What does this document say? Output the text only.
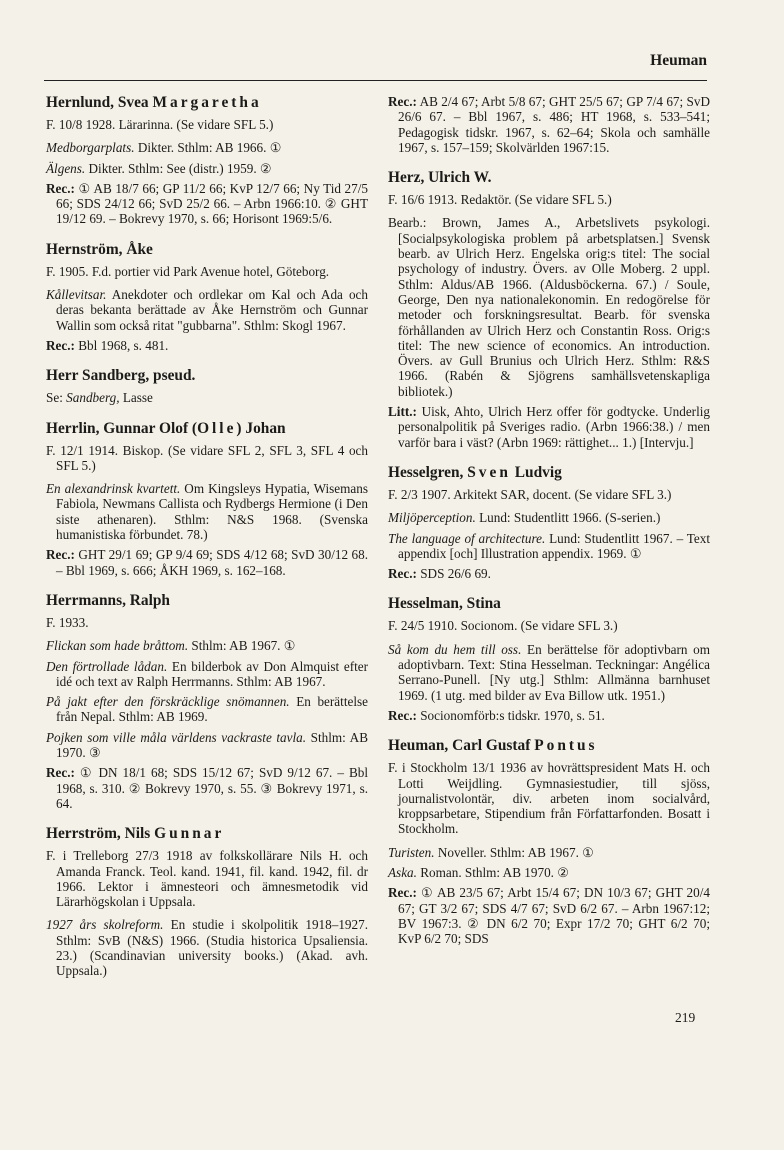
Heuman
Hernlund, Svea Margaretha
F. 10/8 1928. Lärarinna. (Se vidare SFL 5.)
Medborgarplats. Dikter. Sthlm: AB 1966. ①
Älgens. Dikter. Sthlm: See (distr.) 1959. ②
Rec.: ① AB 18/7 66; GP 11/2 66; KvP 12/7 66; Ny Tid 27/5 66; SDS 24/12 66; SvD 25/2 66. – Arbn 1966:10. ② GHT 19/12 69. – Bokrevy 1970, s. 66; Horisont 1969:5/6.
Hernström, Åke
F. 1905. F.d. portier vid Park Avenue hotel, Göteborg.
Kållevitsar. Anekdoter och ordlekar om Kal och Ada och deras bekanta berättade av Åke Hernström och Gunnar Wallin som också ritat "gubbarna". Sthlm: Skogl 1967.
Rec.: Bbl 1968, s. 481.
Herr Sandberg, pseud.
Se: Sandberg, Lasse
Herrlin, Gunnar Olof (Olle) Johan
F. 12/1 1914. Biskop. (Se vidare SFL 2, SFL 3, SFL 4 och SFL 5.)
En alexandrinsk kvartett. Om Kingsleys Hypatia, Wisemans Fabiola, Newmans Callista och Rydbergs Hermione (i Den siste athenaren). Sthlm: N&S 1968. (Svenska humanistiska förbundet. 78.)
Rec.: GHT 29/1 69; GP 9/4 69; SDS 4/12 68; SvD 30/12 68. – Bbl 1969, s. 666; ÅKH 1969, s. 162–168.
Herrmanns, Ralph
F. 1933.
Flickan som hade bråttom. Sthlm: AB 1967. ①
Den förtrollade lådan. En bilderbok av Don Almquist efter idé och text av Ralph Herrmanns. Sthlm: AB 1967.
På jakt efter den förskräcklige snömannen. En berättelse från Nepal. Sthlm: AB 1969.
Pojken som ville måla världens vackraste tavla. Sthlm: AB 1970. ③
Rec.: ① DN 18/1 68; SDS 15/12 67; SvD 9/12 67. – Bbl 1968, s. 310. ② Bokrevy 1970, s. 55. ③ Bokrevy 1971, s. 64.
Herrström, Nils Gunnar
F. i Trelleborg 27/3 1918 av folkskollärare Nils H. och Amanda Franck. Teol. kand. 1941, fil. kand. 1942, fil. dr 1966. Lektor i ämnesteori och ämnesmetodik vid Lärarhögskolan i Uppsala.
1927 års skolreform. En studie i skolpolitik 1918–1927. Sthlm: SvB (N&S) 1966. (Studia historica Upsaliensia. 23.) (Scandinavian university books.) (Akad. avh. Uppsala.)
Rec.: AB 2/4 67; Arbt 5/8 67; GHT 25/5 67; GP 7/4 67; SvD 26/6 67. – Bbl 1967, s. 486; HT 1968, s. 533–541; Pedagogisk tidskr. 1967, s. 62–64; Skola och samhälle 1967, s. 157–159; Skolvärlden 1967:15.
Herz, Ulrich W.
F. 16/6 1913. Redaktör. (Se vidare SFL 5.)
Bearb.: Brown, James A., Arbetslivets psykologi. [Socialpsykologiska problem på arbetsplatsen.] Svensk bearb. av Ulrich Herz. Engelska orig:s titel: The social psychology of industry. Övers. av Olle Moberg. 2 uppl. Sthlm: Aldus/AB 1966. (Aldusböckerna. 67.) / Soule, George, Den nya nationalekonomin. En redogörelse för metoder och forskningsresultat. Bearb. för svenska förhållanden av Ulrich Herz och Constantin Ross. Orig:s titel: The new science of economics. An introduction. Övers. av Gull Brunius och Ulrich Herz. Sthlm: R&S 1966. (Rabén & Sjögrens samhällsvetenskapliga bibliotek.)
Litt.: Uisk, Ahto, Ulrich Herz offer för godtycke. Underlig personalpolitik på Sveriges radio. (Arbn 1966:38.) / men varför bara i väst? (Arbn 1969: rättighet... 1.) [Intervju.]
Hesselgren, Sven Ludvig
F. 2/3 1907. Arkitekt SAR, docent. (Se vidare SFL 3.)
Miljöperception. Lund: Studentlitt 1966. (S-serien.)
The language of architecture. Lund: Studentlitt 1967. – Text appendix [och] Illustration appendix. 1969. ①
Rec.: SDS 26/6 69.
Hesselman, Stina
F. 24/5 1910. Socionom. (Se vidare SFL 3.)
Så kom du hem till oss. En berättelse för adoptivbarn om adoptivbarn. Text: Stina Hesselman. Teckningar: Angélica Serrano-Punell. [Ny utg.] Sthlm: Allmänna barnhuset 1969. (1 utg. med bilder av Eva Billow utk. 1951.)
Rec.: Socionomförb:s tidskr. 1970, s. 51.
Heuman, Carl Gustaf Pontus
F. i Stockholm 13/1 1936 av hovrättspresident Mats H. och Lotti Weijdling. Gymnasiestudier, till sjöss, journalistvolontär, div. arbeten inom socialvård, kroppsarbetare, Stipendium från Författarfonden. Bosatt i Stockholm.
Turisten. Noveller. Sthlm: AB 1967. ①
Aska. Roman. Sthlm: AB 1970. ②
Rec.: ① AB 23/5 67; Arbt 15/4 67; DN 10/3 67; GHT 20/4 67; GT 3/2 67; SDS 4/7 67; SvD 6/2 67. – Arbn 1967:12; BV 1967:3. ② DN 6/2 70; Expr 17/2 70; GHT 6/2 70; KvP 6/2 70; SDS
219
